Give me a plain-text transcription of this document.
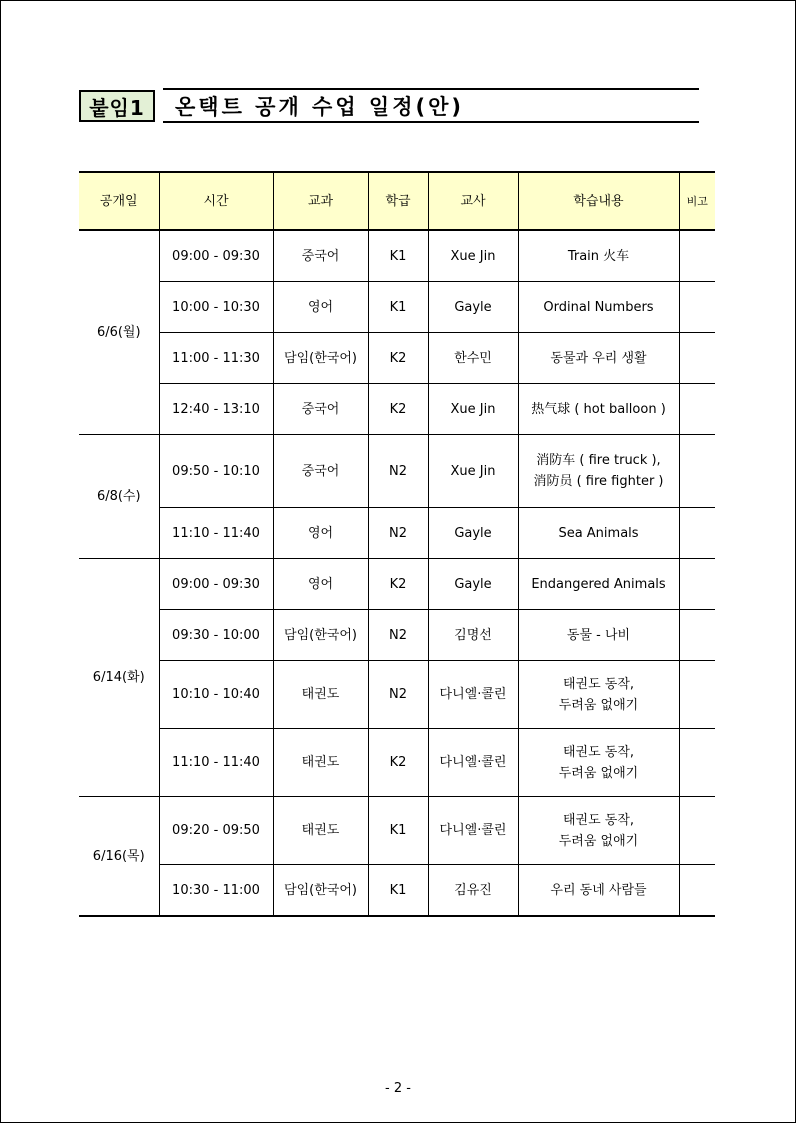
붙임1	온택트 공개 수업 일정(안)
공개일	시간	교과	학급	교사	학습내용	비고
6/6(월)	09:00 - 09:30	중국어	K1	Xue Jin	Train 火车	
	10:00 - 10:30	영어	K1	Gayle	Ordinal Numbers	
	11:00 - 11:30	담임(한국어)	K2	한수민	동물과 우리 생활	
	12:40 - 13:10	중국어	K2	Xue Jin	热气球 ( hot balloon )	
6/8(수)	09:50 - 10:10	중국어	N2	Xue Jin	消防车 ( fire truck ),
消防员 ( fire fighter )	
	11:10 - 11:40	영어	N2	Gayle	Sea Animals	
6/14(화)	09:00 - 09:30	영어	K2	Gayle	Endangered Animals	
	09:30 - 10:00	담임(한국어)	N2	김명선	동물 - 나비	
	10:10 - 10:40	태권도	N2	다니엘‧콜린	태권도 동작,
두려움 없애기	
	11:10 - 11:40	태권도	K2	다니엘‧콜린	태권도 동작,
두려움 없애기	
6/16(목)	09:20 - 09:50	태권도	K1	다니엘‧콜린	태권도 동작,
두려움 없애기	
	10:30 - 11:00	담임(한국어)	K1	김유진	우리 동네 사람들	
- 2 -
